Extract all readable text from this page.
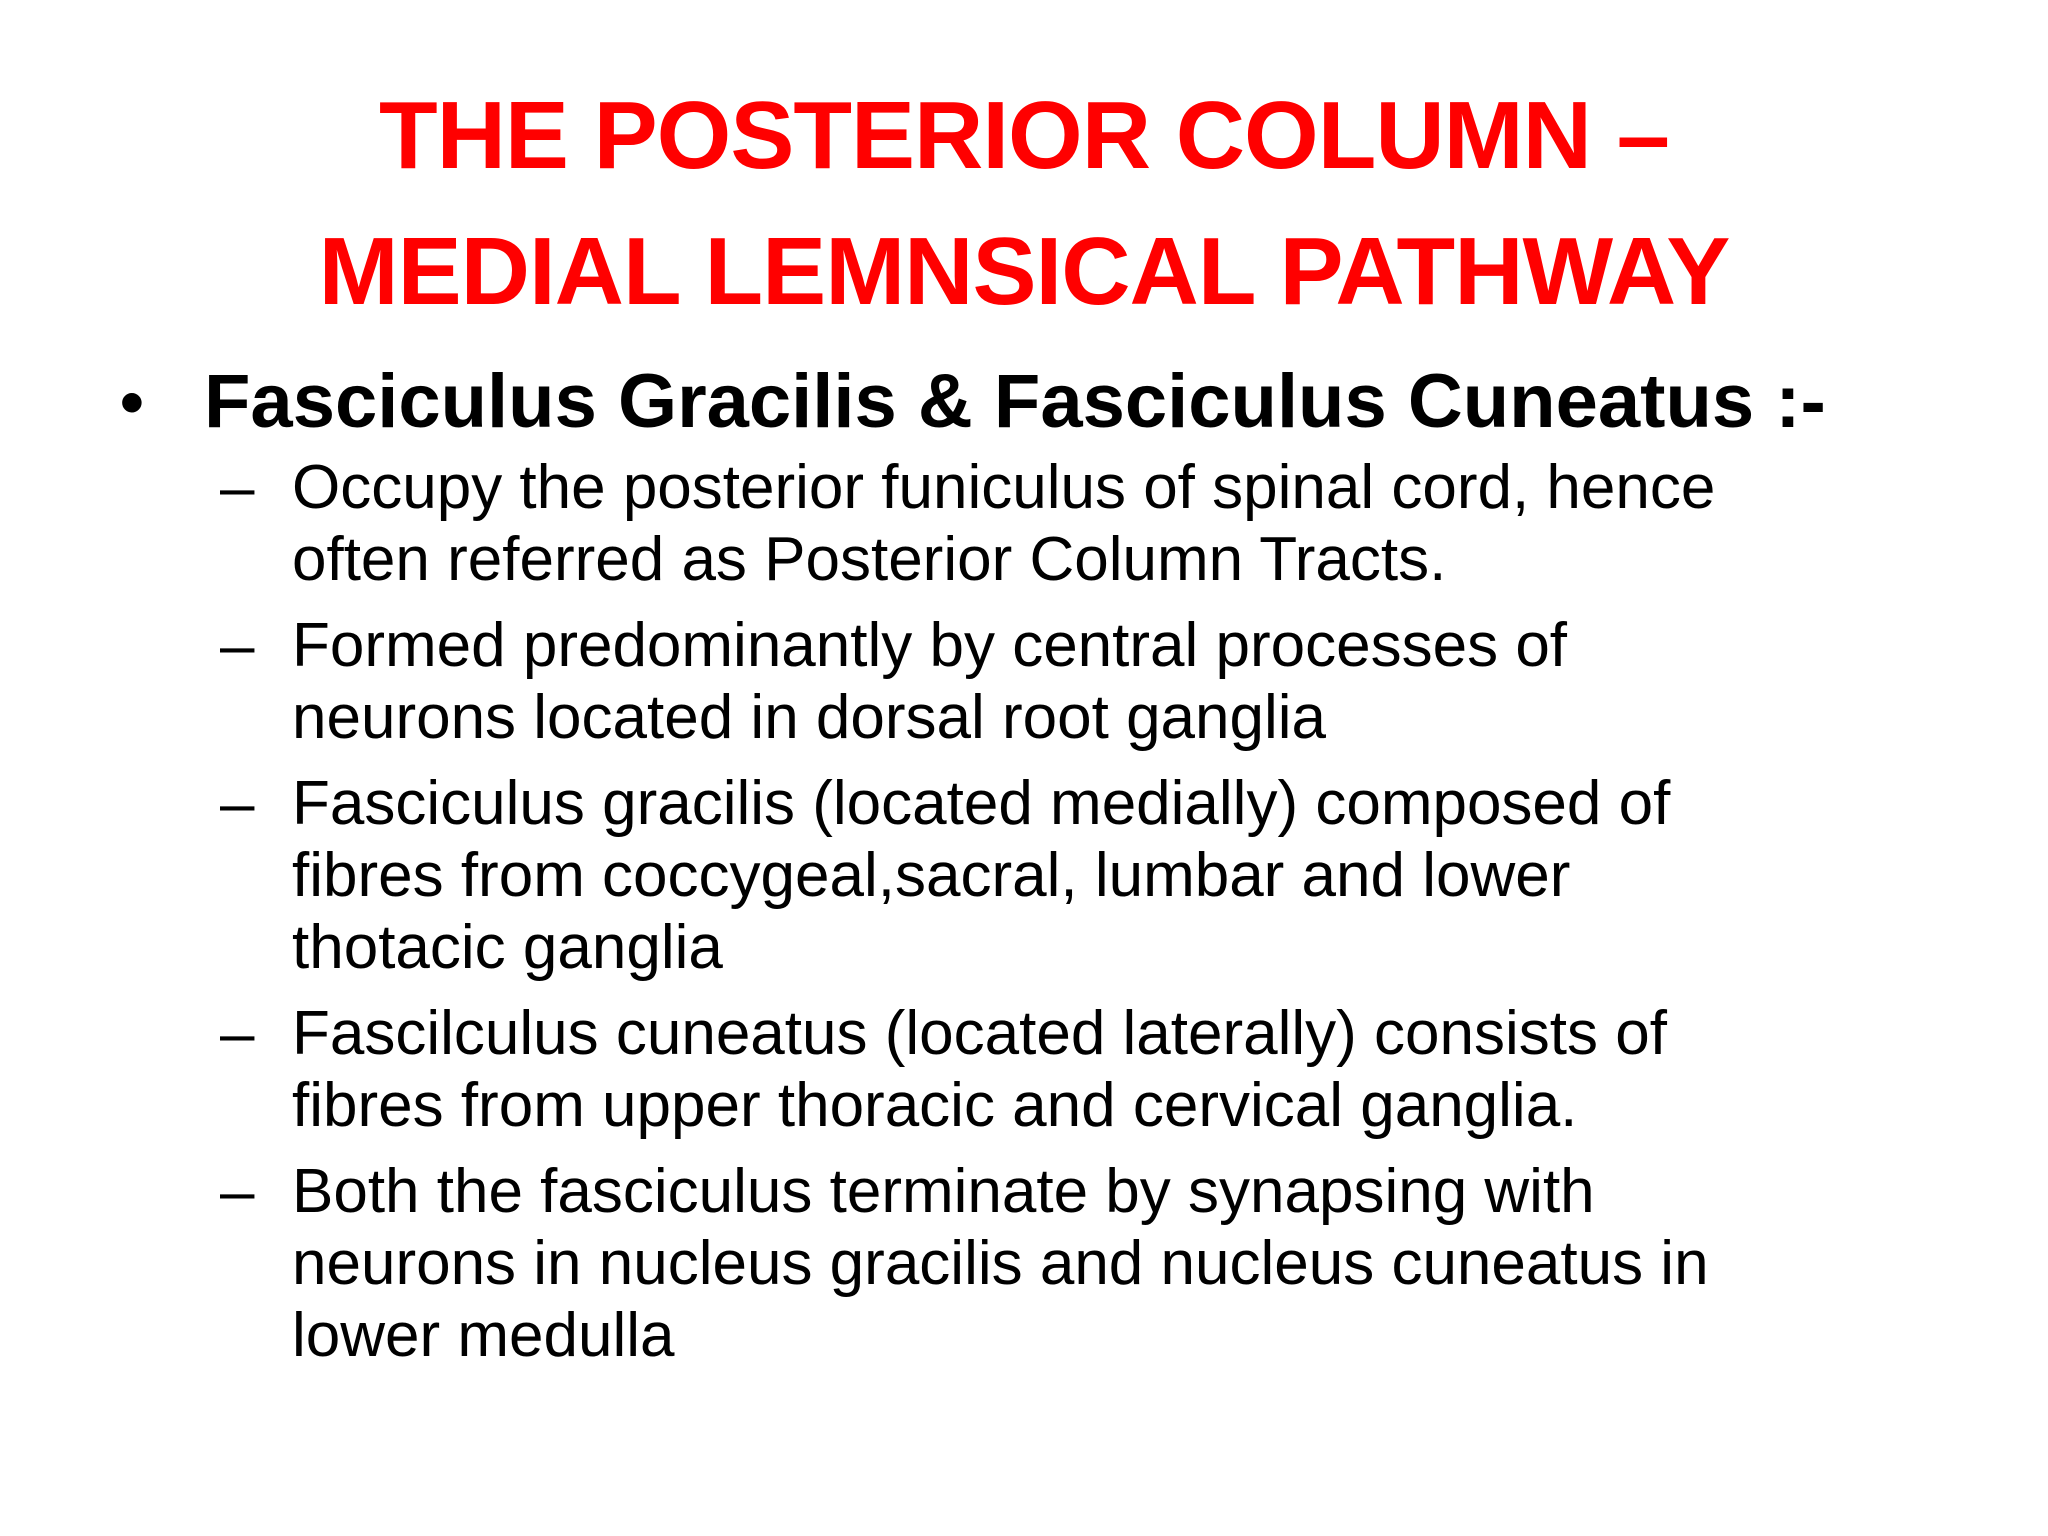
THE POSTERIOR COLUMN –
MEDIAL LEMNSICAL PATHWAY
• Fasciculus Gracilis & Fasciculus Cuneatus :-
– Occupy the posterior funiculus of spinal cord, hence
often referred as Posterior Column Tracts.
– Formed predominantly by central processes of
neurons located in dorsal root ganglia
– Fasciculus gracilis (located medially) composed of
fibres from coccygeal,sacral, lumbar and lower
thotacic ganglia
– Fascilculus cuneatus (located laterally) consists of
fibres from upper thoracic and cervical ganglia.
– Both the fasciculus terminate by synapsing with
neurons in nucleus gracilis and nucleus cuneatus in
lower medulla
